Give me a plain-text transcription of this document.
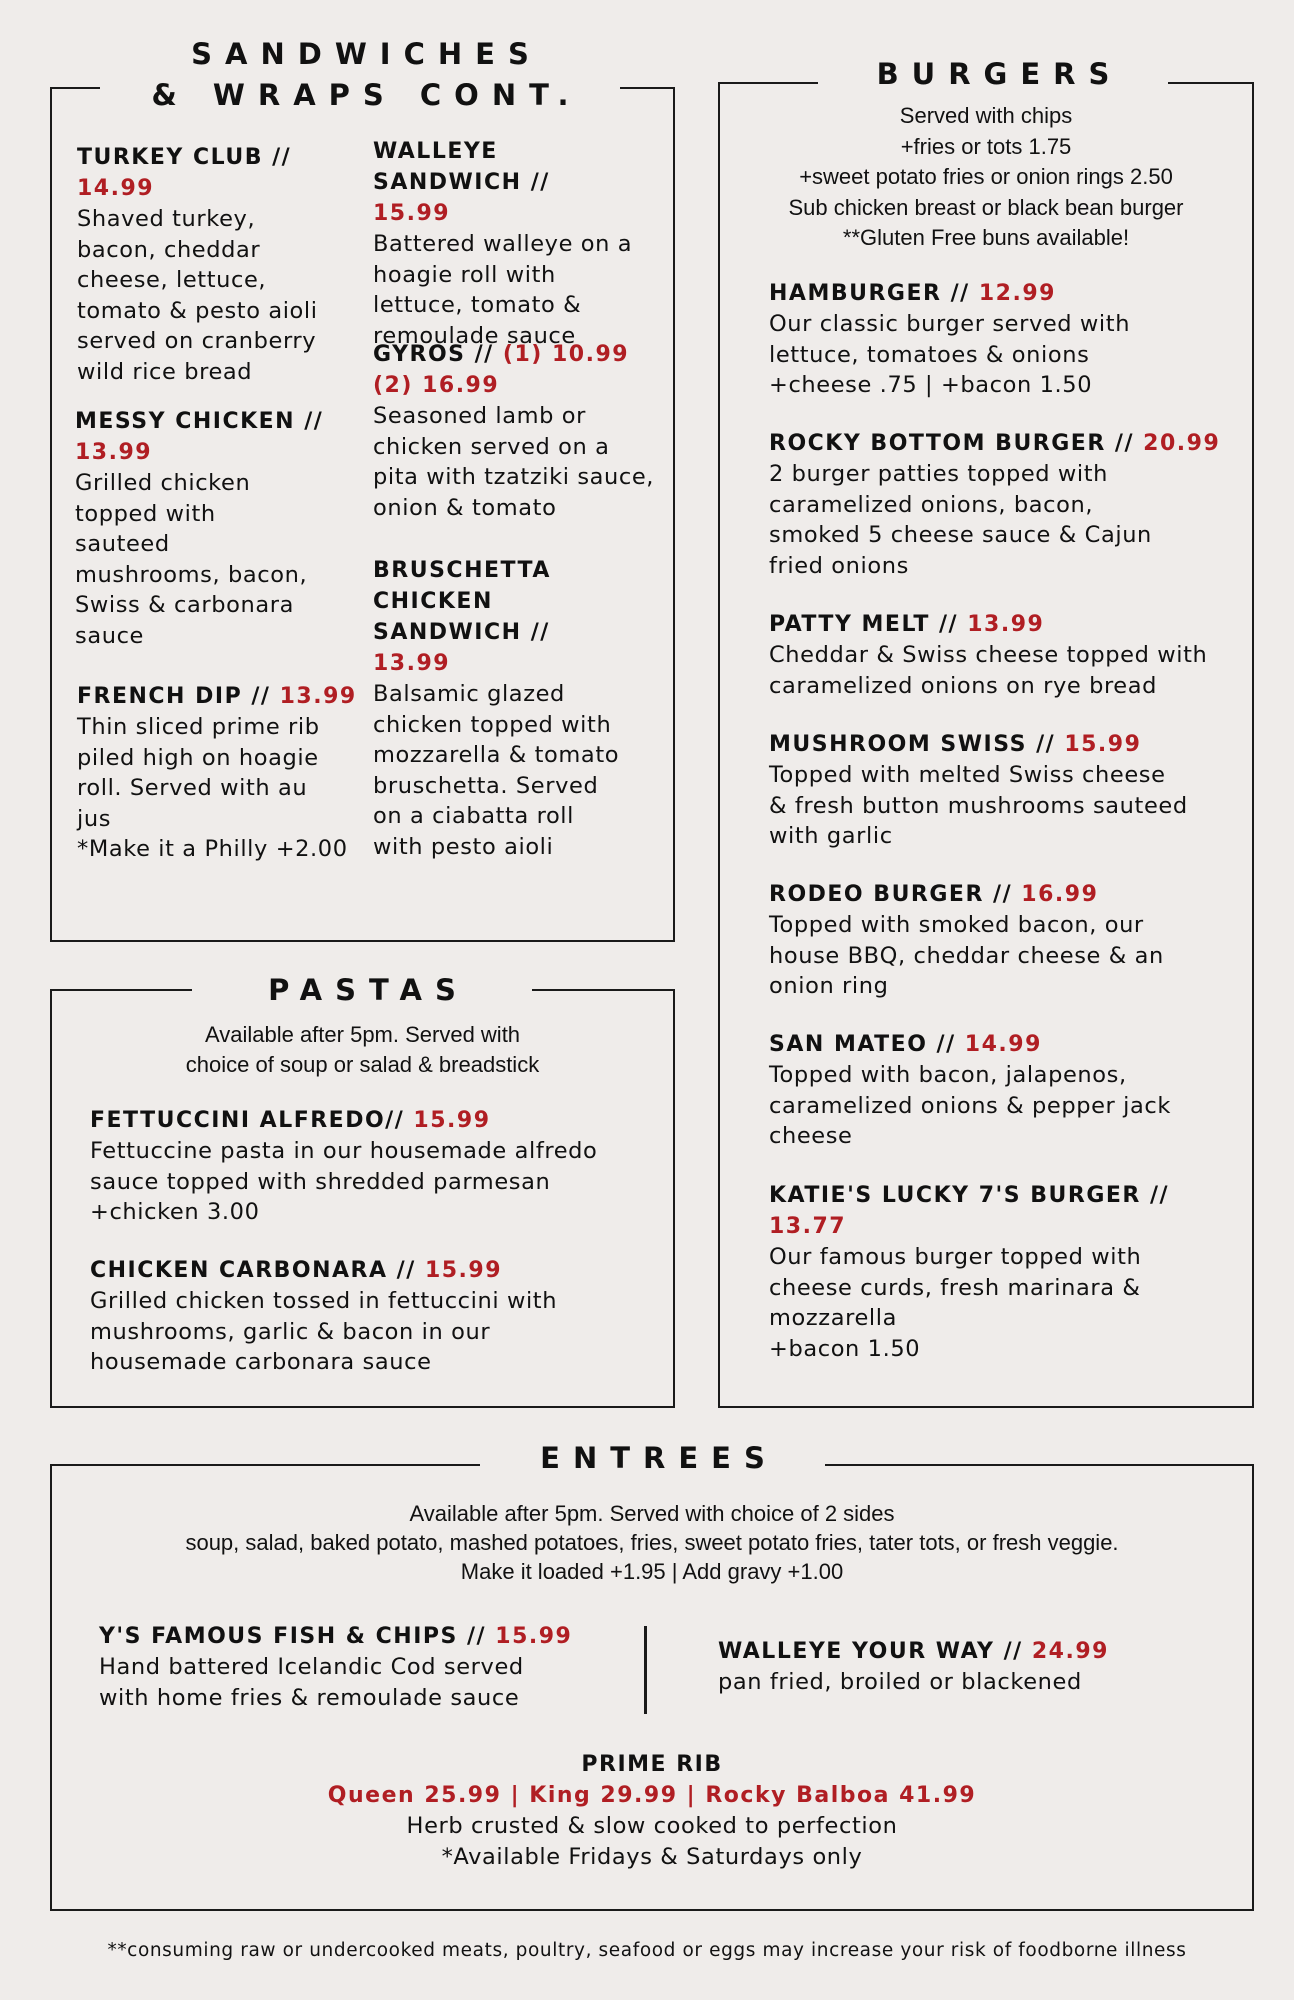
SANDWICHES
& WRAPS CONT.
TURKEY CLUB // 14.99
Shaved turkey, bacon, cheddar cheese, lettuce, tomato & pesto aioli served on cranberry wild rice bread
MESSY CHICKEN // 13.99
Grilled chicken topped with sauteed mushrooms, bacon, Swiss & carbonara sauce
FRENCH DIP // 13.99
Thin sliced prime rib piled high on hoagie roll. Served with au jus
*Make it a Philly +2.00
WALLEYE SANDWICH // 15.99
Battered walleye on a hoagie roll with lettuce, tomato & remoulade sauce
GYROS // (1) 10.99 (2) 16.99
Seasoned lamb or chicken served on a pita with tzatziki sauce, onion & tomato
BRUSCHETTA CHICKEN SANDWICH // 13.99
Balsamic glazed chicken topped with mozzarella & tomato bruschetta. Served on a ciabatta roll with pesto aioli
PASTAS
Available after 5pm. Served with
choice of soup or salad & breadstick
FETTUCCINI ALFREDO// 15.99
Fettuccine pasta in our housemade alfredo sauce topped with shredded parmesan
+chicken 3.00
CHICKEN CARBONARA // 15.99
Grilled chicken tossed in fettuccini with mushrooms, garlic & bacon in our housemade carbonara sauce
BURGERS
Served with chips
+fries or tots 1.75
+sweet potato fries or onion rings 2.50
Sub chicken breast or black bean burger
**Gluten Free buns available!
HAMBURGER // 12.99
Our classic burger served with lettuce, tomatoes & onions
+cheese .75 | +bacon 1.50
ROCKY BOTTOM BURGER // 20.99
2 burger patties topped with caramelized onions, bacon, smoked 5 cheese sauce & Cajun fried onions
PATTY MELT // 13.99
Cheddar & Swiss cheese topped with caramelized onions on rye bread
MUSHROOM SWISS // 15.99
Topped with melted Swiss cheese & fresh button mushrooms sauteed with garlic
RODEO BURGER // 16.99
Topped with smoked bacon, our house BBQ, cheddar cheese & an onion ring
SAN MATEO // 14.99
Topped with bacon, jalapenos, caramelized onions & pepper jack cheese
KATIE'S LUCKY 7'S BURGER // 13.77
Our famous burger topped with cheese curds, fresh marinara & mozzarella
+bacon 1.50
ENTREES
Available after 5pm. Served with choice of 2 sides
soup, salad, baked potato, mashed potatoes, fries, sweet potato fries, tater tots, or fresh veggie.
Make it loaded +1.95 | Add gravy +1.00
Y'S FAMOUS FISH & CHIPS // 15.99
Hand battered Icelandic Cod served with home fries & remoulade sauce
WALLEYE YOUR WAY // 24.99
pan fried, broiled or blackened
PRIME RIB
Queen 25.99 | King 29.99 | Rocky Balboa 41.99
Herb crusted & slow cooked to perfection
*Available Fridays & Saturdays only
**consuming raw or undercooked meats, poultry, seafood or eggs may increase your risk of foodborne illness
